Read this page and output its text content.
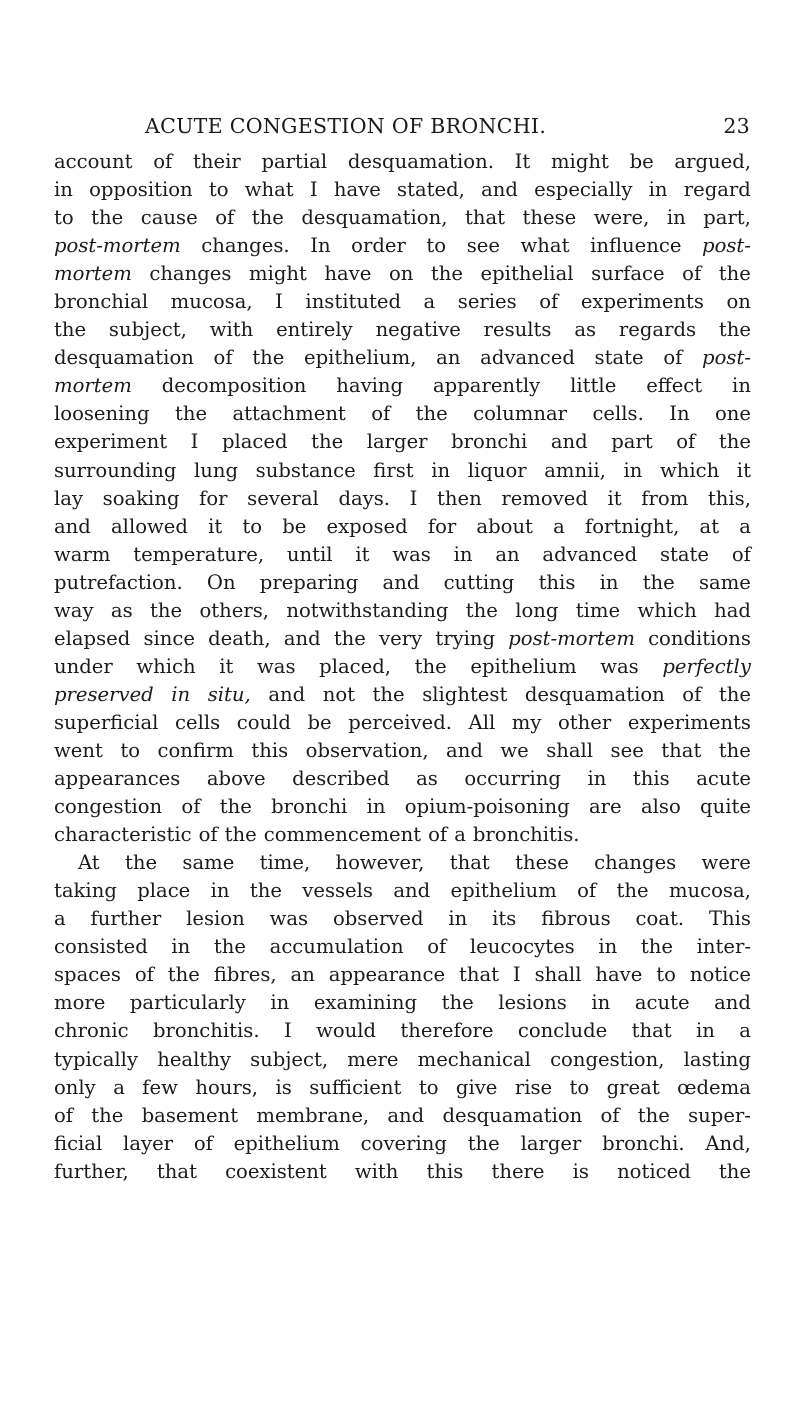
ACUTE CONGESTION OF BRONCHI.	23
account of their partial desquamation. It might be argued,
in opposition to what I have stated, and especially in regard
to the cause of the desquamation, that these were, in part,
post-mortem changes. In order to see what influence post-
mortem changes might have on the epithelial surface of the
bronchial mucosa, I instituted a series of experiments on
the subject, with entirely negative results as regards the
desquamation of the epithelium, an advanced state of post-
mortem decomposition having apparently little effect in
loosening the attachment of the columnar cells. In one
experiment I placed the larger bronchi and part of the
surrounding lung substance first in liquor amnii, in which it
lay soaking for several days. I then removed it from this,
and allowed it to be exposed for about a fortnight, at a
warm temperature, until it was in an advanced state of
putrefaction. On preparing and cutting this in the same
way as the others, notwithstanding the long time which had
elapsed since death, and the very trying post-mortem conditions
under which it was placed, the epithelium was perfectly
preserved in situ, and not the slightest desquamation of the
superficial cells could be perceived. All my other experiments
went to confirm this observation, and we shall see that the
appearances above described as occurring in this acute
congestion of the bronchi in opium-poisoning are also quite
characteristic of the commencement of a bronchitis.
At the same time, however, that these changes were
taking place in the vessels and epithelium of the mucosa,
a further lesion was observed in its fibrous coat. This
consisted in the accumulation of leucocytes in the inter-
spaces of the fibres, an appearance that I shall have to notice
more particularly in examining the lesions in acute and
chronic bronchitis. I would therefore conclude that in a
typically healthy subject, mere mechanical congestion, lasting
only a few hours, is sufficient to give rise to great œdema
of the basement membrane, and desquamation of the super-
ficial layer of epithelium covering the larger bronchi. And,
further, that coexistent with this there is noticed the
